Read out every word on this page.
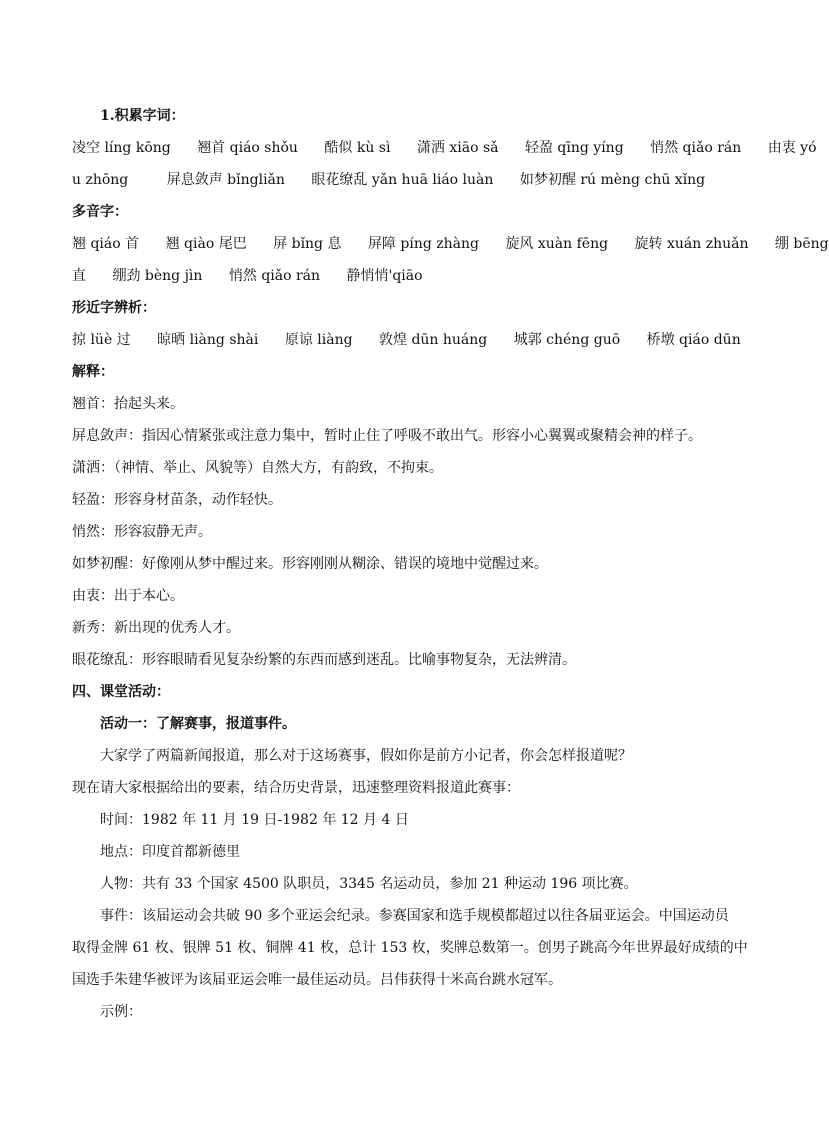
1.积累字词：
凌空 líng kōng 翘首 qiáo shǒu 酷似 kù sì 潇洒 xiāo sǎ 轻盈 qīng yíng 悄然 qiǎo rán 由衷 yó
u zhōng	屏息敛声 bǐngliǎn 眼花缭乱 yǎn huā liáo luàn 如梦初醒 rú mèng chū xǐng
多音字：
翘 qiáo 首 翘 qiào 尾巴 屏 bǐng 息 屏障 píng zhàng 旋风 xuàn fēng 旋转 xuán zhuǎn 绷 bēng
直 绷劲 bèng jìn 悄然 qiǎo rán 静悄悄'qiāo
形近字辨析：
掠 lüè 过 晾晒 liàng shài 原谅 liàng 敦煌 dūn huáng 城郭 chéng guō 桥墩 qiáo dūn
解释：
翘首：抬起头来。
屏息敛声：指因心情紧张或注意力集中，暂时止住了呼吸不敢出气。形容小心翼翼或聚精会神的样子。
潇洒：（神情、举止、风貌等）自然大方，有韵致，不拘束。
轻盈：形容身材苗条，动作轻快。
悄然：形容寂静无声。
如梦初醒：好像刚从梦中醒过来。形容刚刚从糊涂、错误的境地中觉醒过来。
由衷：出于本心。
新秀：新出现的优秀人才。
眼花缭乱：形容眼睛看见复杂纷繁的东西而感到迷乱。比喻事物复杂，无法辨清。
四、课堂活动：
活动一：了解赛事，报道事件。
大家学了两篇新闻报道，那么对于这场赛事，假如你是前方小记者，你会怎样报道呢？
现在请大家根据给出的要素，结合历史背景，迅速整理资料报道此赛事：
时间：1982 年 11 月 19 日-1982 年 12 月 4 日
地点：印度首都新德里
人物：共有 33 个国家 4500 队职员，3345 名运动员，参加 21 种运动 196 项比赛。
事件：该届运动会共破 90 多个亚运会纪录。参赛国家和选手规模都超过以往各届亚运会。中国运动员
取得金牌 61 枚、银牌 51 枚、铜牌 41 枚，总计 153 枚，奖牌总数第一。创男子跳高今年世界最好成绩的中
国选手朱建华被评为该届亚运会唯一最佳运动员。吕伟获得十米高台跳水冠军。
示例：
